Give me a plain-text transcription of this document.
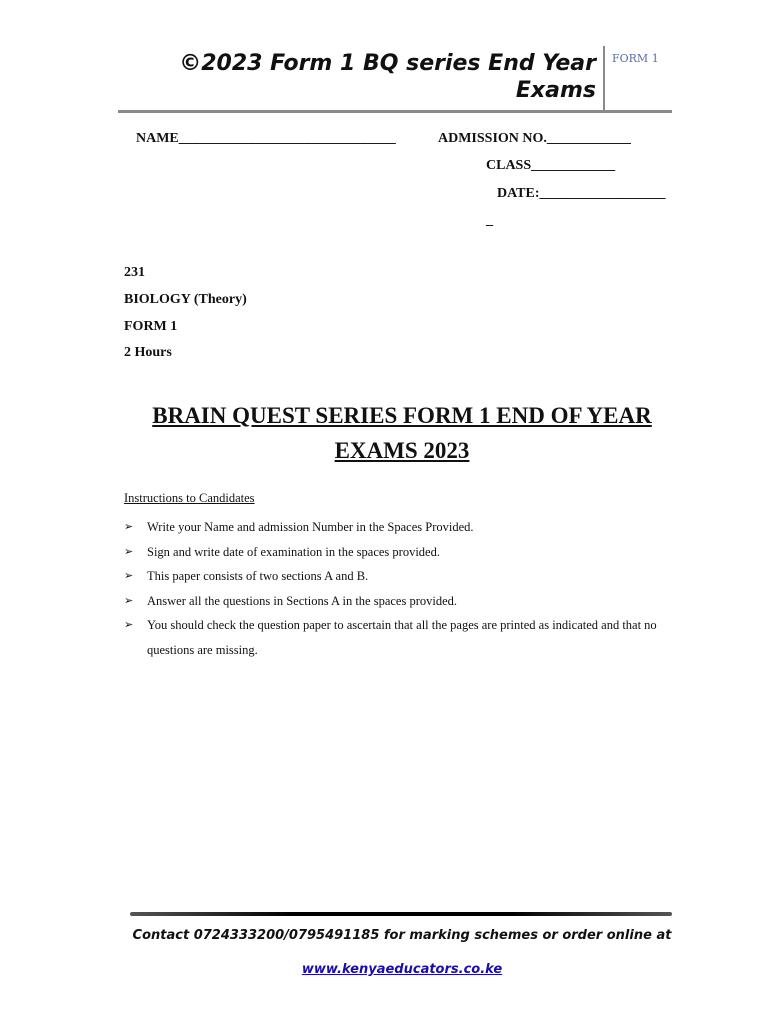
©2023 Form 1 BQ series End Year
Exams
FORM 1
NAME_______________________________	ADMISSION NO.____________
CLASS____________
DATE:__________________
_
231
BIOLOGY (Theory)
FORM 1
2 Hours
BRAIN QUEST SERIES FORM 1 END OF YEAR
EXAMS 2023
Instructions to Candidates
➢ Write your Name and admission Number in the Spaces Provided.
➢ Sign and write date of examination in the spaces provided.
➢ This paper consists of two sections A and B.
➢ Answer all the questions in Sections A in the spaces provided.
➢ You should check the question paper to ascertain that all the pages are printed as indicated and that no questions are missing.
Contact 0724333200/0795491185 for marking schemes or order online at
www.kenyaeducators.co.ke
